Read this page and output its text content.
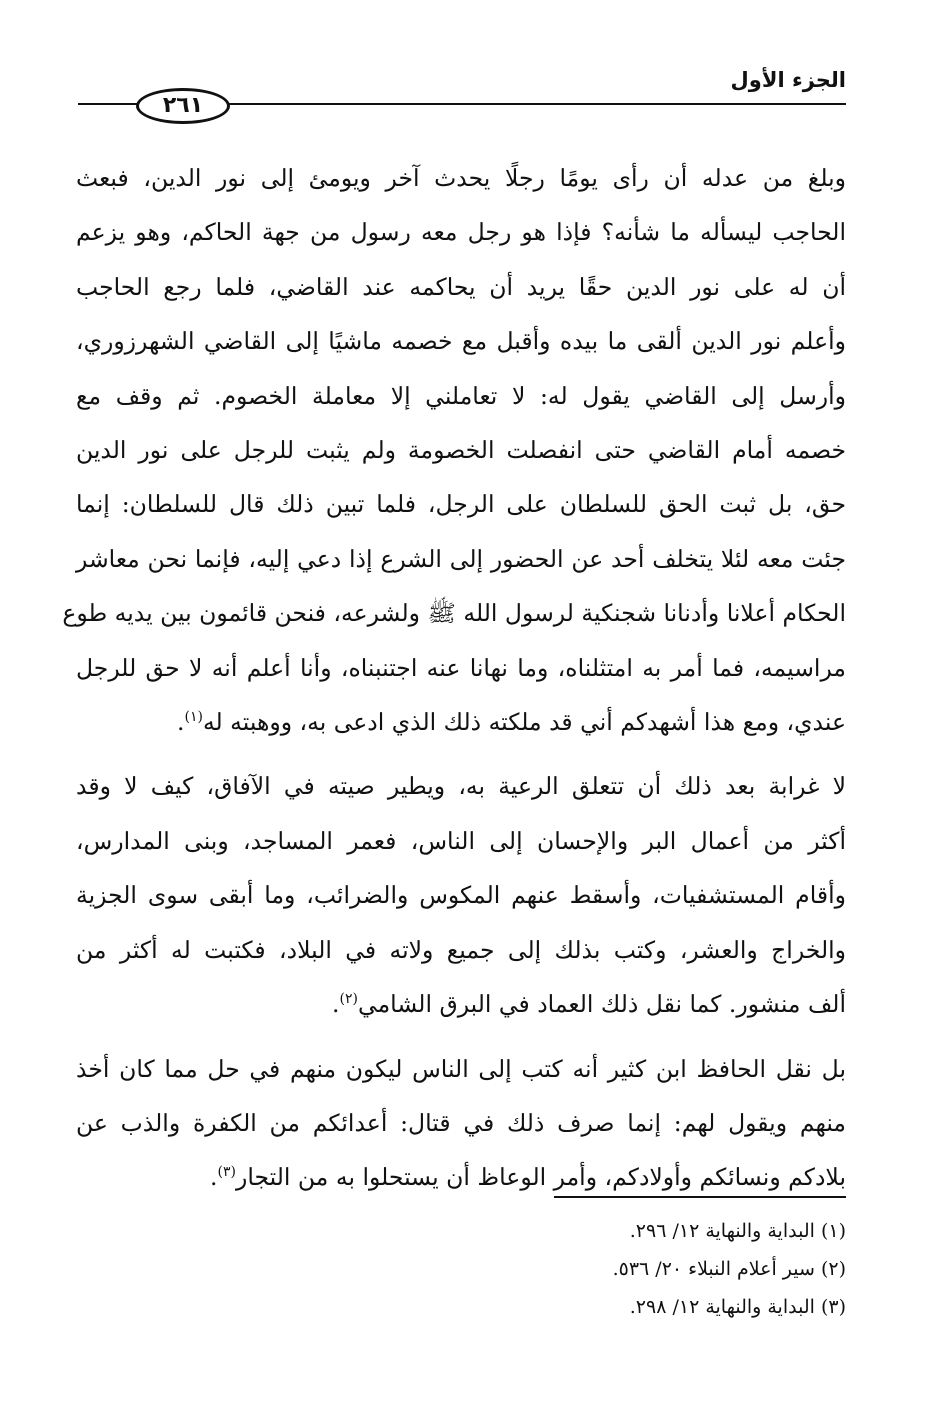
الجزء الأول
٢٦١

وبلغ من عدله أن رأى يومًا رجلًا يحدث آخر ويومئ إلى نور الدين، فبعث
الحاجب ليسأله ما شأنه؟ فإذا هو رجل معه رسول من جهة الحاكم، وهو يزعم
أن له على نور الدين حقًا يريد أن يحاكمه عند القاضي، فلما رجع الحاجب
وأعلم نور الدين ألقى ما بيده وأقبل مع خصمه ماشيًا إلى القاضي الشهرزوري،
وأرسل إلى القاضي يقول له: لا تعاملني إلا معاملة الخصوم. ثم وقف مع
خصمه أمام القاضي حتى انفصلت الخصومة ولم يثبت للرجل على نور الدين
حق، بل ثبت الحق للسلطان على الرجل، فلما تبين ذلك قال للسلطان: إنما
جئت معه لئلا يتخلف أحد عن الحضور إلى الشرع إذا دعي إليه، فإنما نحن معاشر
الحكام أعلانا وأدنانا شجنكية لرسول الله ﷺ ولشرعه، فنحن قائمون بين يديه طوع
مراسيمه، فما أمر به امتثلناه، وما نهانا عنه اجتنبناه، وأنا أعلم أنه لا حق للرجل
عندي، ومع هذا أشهدكم أني قد ملكته ذلك الذي ادعى به، ووهبته له$^{(١)}$.

لا غرابة بعد ذلك أن تتعلق الرعية به، ويطير صيته في الآفاق، كيف لا وقد
أكثر من أعمال البر والإحسان إلى الناس، فعمر المساجد، وبنى المدارس،
وأقام المستشفيات، وأسقط عنهم المكوس والضرائب، وما أبقى سوى الجزية
والخراج والعشر، وكتب بذلك إلى جميع ولاته في البلاد، فكتبت له أكثر من
ألف منشور. كما نقل ذلك العماد في البرق الشامي$^{(٢)}$.

بل نقل الحافظ ابن كثير أنه كتب إلى الناس ليكون منهم في حل مما كان أخذ
منهم ويقول لهم: إنما صرف ذلك في قتال: أعدائكم من الكفرة والذب عن
بلادكم ونسائكم وأولادكم، وأمر الوعاظ أن يستحلوا به من التجار$^{(٣)}$.

(١) البداية والنهاية ١٢/ ٢٩٦.
(٢) سير أعلام النبلاء ٢٠/ ٥٣٦.
(٣) البداية والنهاية ١٢/ ٢٩٨.
